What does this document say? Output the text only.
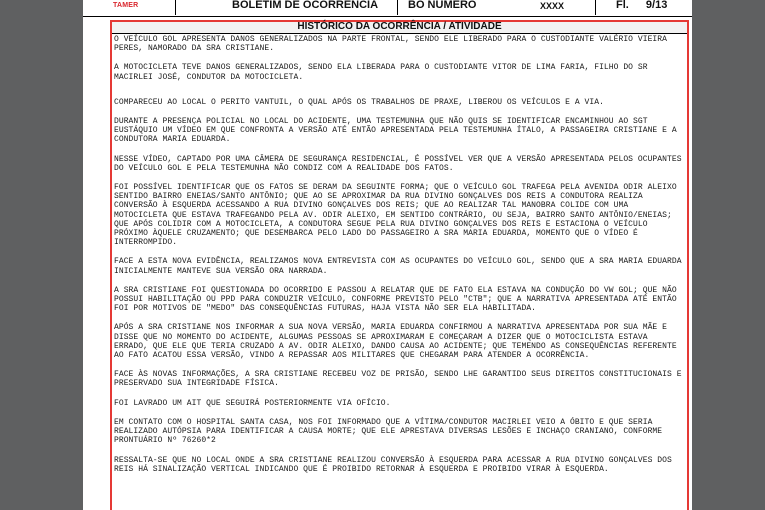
TAMER	BOLETIM DE OCORRÊNCIA	BO NÚMERO	XXXX	Fl. 9/13
HISTÓRICO DA OCORRÊNCIA / ATIVIDADE

O VEÍCULO GOL APRESENTA DANOS GENERALIZADOS NA PARTE FRONTAL, SENDO ELE LIBERADO PARA O CUSTODIANTE VALÉRIO VIEIRA PERES, NAMORADO DA SRA CRISTIANE.

A MOTOCICLETA TEVE DANOS GENERALIZADOS, SENDO ELA LIBERADA PARA O CUSTODIANTE VITOR DE LIMA FARIA, FILHO DO SR MACIRLEI JOSÉ, CONDUTOR DA MOTOCICLETA.

COMPARECEU AO LOCAL O PERITO VANTUIL, O QUAL APÓS OS TRABALHOS DE PRAXE, LIBEROU OS VEÍCULOS E A VIA.

DURANTE A PRESENÇA POLICIAL NO LOCAL DO ACIDENTE, UMA TESTEMUNHA QUE NÃO QUIS SE IDENTIFICAR ENCAMINHOU AO SGT EUSTÁQUIO UM VÍDEO EM QUE CONFRONTA A VERSÃO ATÉ ENTÃO APRESENTADA PELA TESTEMUNHA ÍTALO, A PASSAGEIRA CRISTIANE E A CONDUTORA MARIA EDUARDA.

NESSE VÍDEO, CAPTADO POR UMA CÂMERA DE SEGURANÇA RESIDENCIAL, É POSSÍVEL VER QUE A VERSÃO APRESENTADA PELOS OCUPANTES DO VEÍCULO GOL E PELA TESTEMUNHA NÃO CONDIZ COM A REALIDADE DOS FATOS.

FOI POSSÍVEL IDENTIFICAR QUE OS FATOS SE DERAM DA SEGUINTE FORMA; QUE O VEÍCULO GOL TRAFEGA PELA AVENIDA ODIR ALEIXO SENTIDO BAIRRO ENEIAS/SANTO ANTÔNIO; QUE AO SE APROXIMAR DA RUA DIVINO GONÇALVES DOS REIS A CONDUTORA REALIZA CONVERSÃO À ESQUERDA ACESSANDO A RUA DIVINO GONÇALVES DOS REIS; QUE AO REALIZAR TAL MANOBRA COLIDE COM UMA MOTOCICLETA QUE ESTAVA TRAFEGANDO PELA AV. ODIR ALEIXO, EM SENTIDO CONTRÁRIO, OU SEJA, BAIRRO SANTO ANTÔNIO/ENEIAS; QUE APÓS COLIDIR COM A MOTOCICLETA, A CONDUTORA SEGUE PELA RUA DIVINO GONÇALVES DOS REIS E ESTACIONA O VEÍCULO PRÓXIMO ÀQUELE CRUZAMENTO; QUE DESEMBARCA PELO LADO DO PASSAGEIRO A SRA MARIA EDUARDA, MOMENTO QUE O VÍDEO É INTERROMPIDO.

FACE A ESTA NOVA EVIDÊNCIA, REALIZAMOS NOVA ENTREVISTA COM AS OCUPANTES DO VEÍCULO GOL, SENDO QUE A SRA MARIA EDUARDA INICIALMENTE MANTEVE SUA VERSÃO ORA NARRADA.

A SRA CRISTIANE FOI QUESTIONADA DO OCORRIDO E PASSOU A RELATAR QUE DE FATO ELA ESTAVA NA CONDUÇÃO DO VW GOL; QUE NÃO POSSUI HABILITAÇÃO OU PPD PARA CONDUZIR VEÍCULO, CONFORME PREVISTO PELO "CTB"; QUE A NARRATIVA APRESENTADA ATÉ ENTÃO FOI POR MOTIVOS DE "MEDO" DAS CONSEQUÊNCIAS FUTURAS, HAJA VISTA NÃO SER ELA HABILITADA.

APÓS A SRA CRISTIANE NOS INFORMAR A SUA NOVA VERSÃO, MARIA EDUARDA CONFIRMOU A NARRATIVA APRESENTADA POR SUA MÃE E DISSE QUE NO MOMENTO DO ACIDENTE, ALGUMAS PESSOAS SE APROXIMARAM E COMEÇARAM A DIZER QUE O MOTOCICLISTA ESTAVA ERRADO, QUE ELE QUE TERIA CRUZADO A AV. ODIR ALEIXO, DANDO CAUSA AO ACIDENTE; QUE TEMENDO AS CONSEQUÊNCIAS REFERENTE AO FATO ACATOU ESSA VERSÃO, VINDO A REPASSAR AOS MILITARES QUE CHEGARAM PARA ATENDER A OCORRÊNCIA.

FACE ÀS NOVAS INFORMAÇÕES, A SRA CRISTIANE RECEBEU VOZ DE PRISÃO, SENDO LHE GARANTIDO SEUS DIREITOS CONSTITUCIONAIS E PRESERVADO SUA INTEGRIDADE FÍSICA.

FOI LAVRADO UM AIT QUE SEGUIRÁ POSTERIORMENTE VIA OFÍCIO.

EM CONTATO COM O HOSPITAL SANTA CASA, NOS FOI INFORMADO QUE A VÍTIMA/CONDUTOR MACIRLEI VEIO A ÓBITO E QUE SERIA REALIZADO AUTÓPSIA PARA IDENTIFICAR A CAUSA MORTE; QUE ELE APRESTAVA DIVERSAS LESÕES E INCHAÇO CRANIANO, CONFORME PRONTUÁRIO Nº 76260*2

RESSALTA-SE QUE NO LOCAL ONDE A SRA CRISTIANE REALIZOU CONVERSÃO À ESQUERDA PARA ACESSAR A RUA DIVINO GONÇALVES DOS REIS HÁ SINALIZAÇÃO VERTICAL INDICANDO QUE É PROIBIDO RETORNAR À ESQUERDA E PROIBIDO VIRAR À ESQUERDA.
